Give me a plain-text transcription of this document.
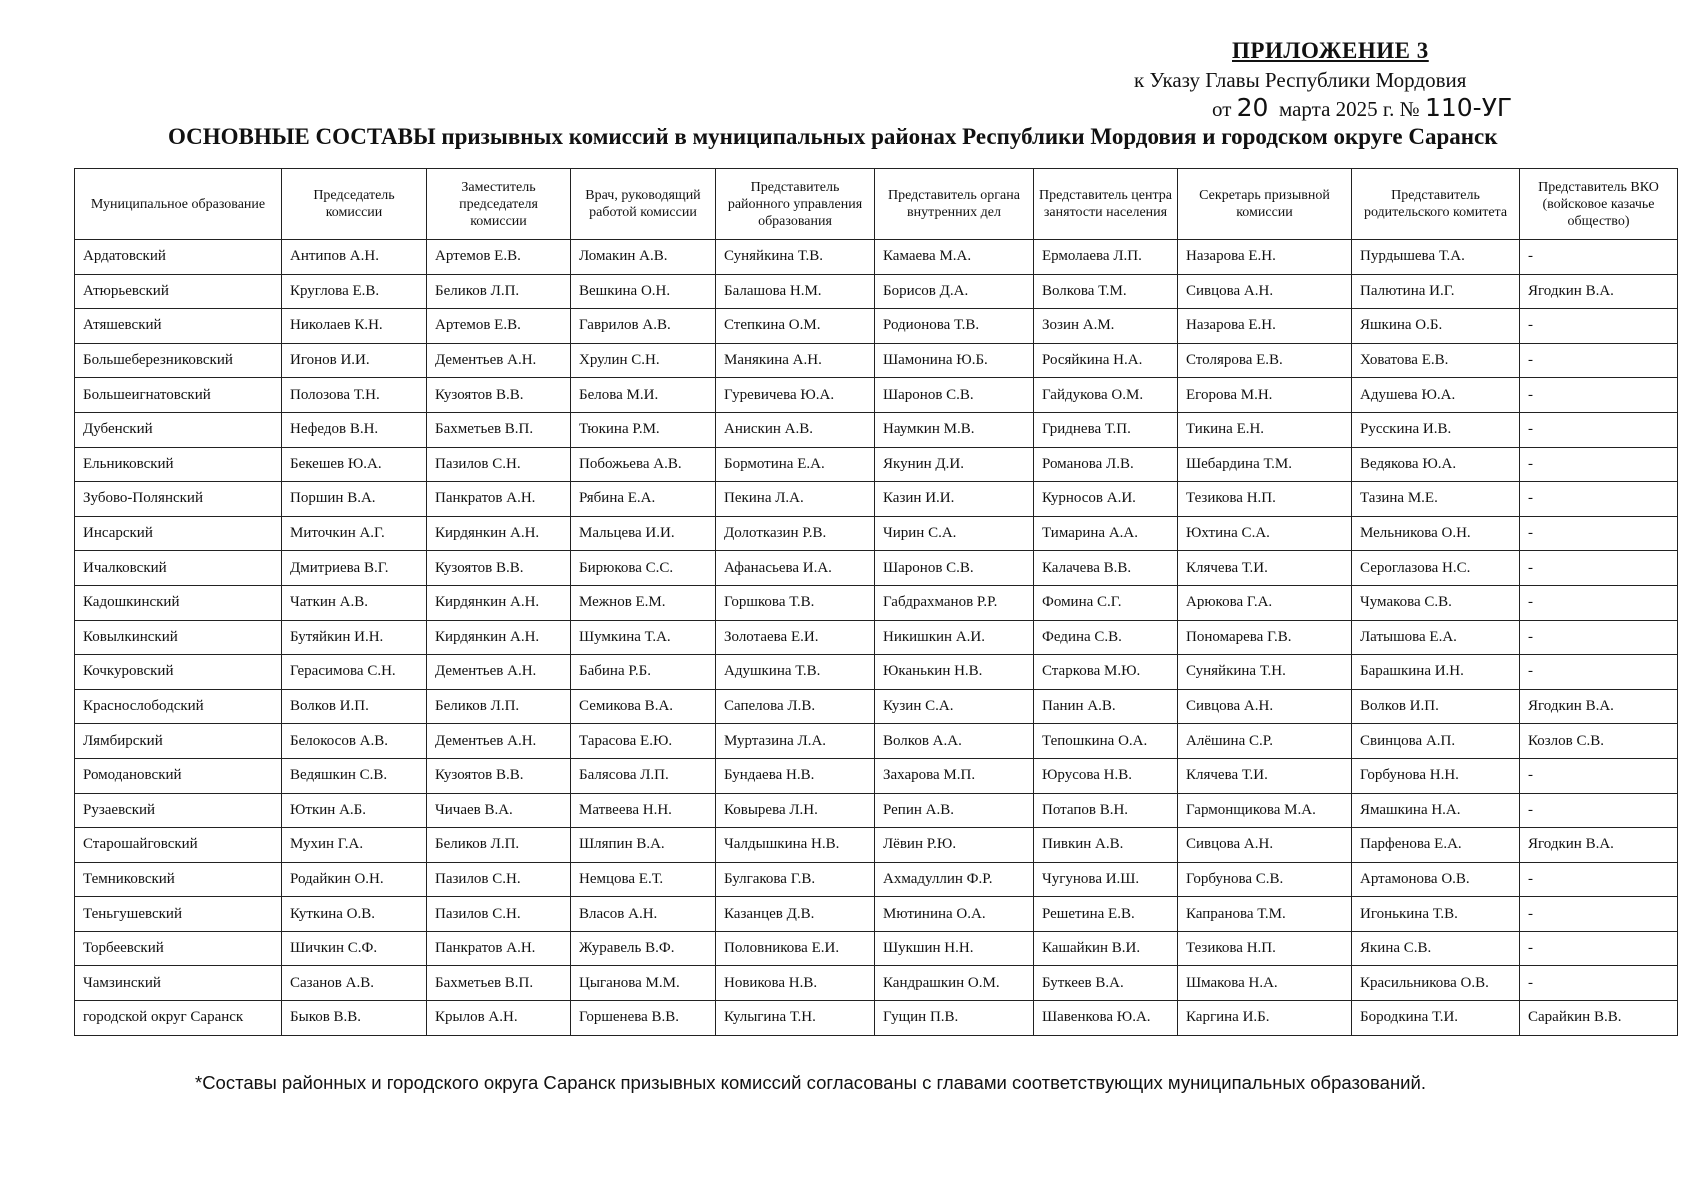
ПРИЛОЖЕНИЕ 3
к Указу Главы Республики Мордовия
от 20 марта 2025 г. № 110-УГ
ОСНОВНЫЕ СОСТАВЫ призывных комиссий в муниципальных районах Республики Мордовия и городском округе Саранск
Муниципальное образование	Председатель комиссии	Заместитель председателя комиссии	Врач, руководящий работой комиссии	Представитель районного управления образования	Представитель органа внутренних дел	Представитель центра занятости населения	Секретарь призывной комиссии	Представитель родительского комитета	Представитель ВКО (войсковое казачье общество)
Ардатовский	Антипов А.Н.	Артемов Е.В.	Ломакин А.В.	Суняйкина Т.В.	Камаева М.А.	Ермолаева Л.П.	Назарова Е.Н.	Пурдышева Т.А.	-
Атюрьевский	Круглова Е.В.	Беликов Л.П.	Вешкина О.Н.	Балашова Н.М.	Борисов Д.А.	Волкова Т.М.	Сивцова А.Н.	Палютина И.Г.	Ягодкин В.А.
Атяшевский	Николаев К.Н.	Артемов Е.В.	Гаврилов А.В.	Степкина О.М.	Родионова Т.В.	Зозин А.М.	Назарова Е.Н.	Яшкина О.Б.	-
Большеберезниковский	Игонов И.И.	Дементьев А.Н.	Хрулин С.Н.	Манякина А.Н.	Шамонина Ю.Б.	Росяйкина Н.А.	Столярова Е.В.	Ховатова Е.В.	-
Большеигнатовский	Полозова Т.Н.	Кузоятов В.В.	Белова М.И.	Гуревичева Ю.А.	Шаронов С.В.	Гайдукова О.М.	Егорова М.Н.	Адушева Ю.А.	-
Дубенский	Нефедов В.Н.	Бахметьев В.П.	Тюкина Р.М.	Анискин А.В.	Наумкин М.В.	Гриднева Т.П.	Тикина Е.Н.	Русскина И.В.	-
Ельниковский	Бекешев Ю.А.	Пазилов С.Н.	Побожьева А.В.	Бормотина Е.А.	Якунин Д.И.	Романова Л.В.	Шебардина Т.М.	Ведякова Ю.А.	-
Зубово-Полянский	Поршин В.А.	Панкратов А.Н.	Рябина Е.А.	Пекина Л.А.	Казин И.И.	Курносов А.И.	Тезикова Н.П.	Тазина М.Е.	-
Инсарский	Миточкин А.Г.	Кирдянкин А.Н.	Мальцева И.И.	Долотказин Р.В.	Чирин С.А.	Тимарина А.А.	Юхтина С.А.	Мельникова О.Н.	-
Ичалковский	Дмитриева В.Г.	Кузоятов В.В.	Бирюкова С.С.	Афанасьева И.А.	Шаронов С.В.	Калачева В.В.	Клячева Т.И.	Сероглазова Н.С.	-
Кадошкинский	Чаткин А.В.	Кирдянкин А.Н.	Межнов Е.М.	Горшкова Т.В.	Габдрахманов Р.Р.	Фомина С.Г.	Арюкова Г.А.	Чумакова С.В.	-
Ковылкинский	Бутяйкин И.Н.	Кирдянкин А.Н.	Шумкина Т.А.	Золотаева Е.И.	Никишкин А.И.	Федина С.В.	Пономарева Г.В.	Латышова Е.А.	-
Кочкуровский	Герасимова С.Н.	Дементьев А.Н.	Бабина Р.Б.	Адушкина Т.В.	Юканькин Н.В.	Старкова М.Ю.	Суняйкина Т.Н.	Барашкина И.Н.	-
Краснослободский	Волков И.П.	Беликов Л.П.	Семикова В.А.	Сапелова Л.В.	Кузин С.А.	Панин А.В.	Сивцова А.Н.	Волков И.П.	Ягодкин В.А.
Лямбирский	Белокосов А.В.	Дементьев А.Н.	Тарасова Е.Ю.	Муртазина Л.А.	Волков А.А.	Тепошкина О.А.	Алёшина С.Р.	Свинцова А.П.	Козлов С.В.
Ромодановский	Ведяшкин С.В.	Кузоятов В.В.	Балясова Л.П.	Бундаева Н.В.	Захарова М.П.	Юрусова Н.В.	Клячева Т.И.	Горбунова Н.Н.	-
Рузаевский	Юткин А.Б.	Чичаев В.А.	Матвеева Н.Н.	Ковырева Л.Н.	Репин А.В.	Потапов В.Н.	Гармонщикова М.А.	Ямашкина Н.А.	-
Старошайговский	Мухин Г.А.	Беликов Л.П.	Шляпин В.А.	Чалдышкина Н.В.	Лёвин Р.Ю.	Пивкин А.В.	Сивцова А.Н.	Парфенова Е.А.	Ягодкин В.А.
Темниковский	Родайкин О.Н.	Пазилов С.Н.	Немцова Е.Т.	Булгакова Г.В.	Ахмадуллин Ф.Р.	Чугунова И.Ш.	Горбунова С.В.	Артамонова О.В.	-
Теньгушевский	Куткина О.В.	Пазилов С.Н.	Власов А.Н.	Казанцев Д.В.	Мютинина О.А.	Решетина Е.В.	Капранова Т.М.	Игонькина Т.В.	-
Торбеевский	Шичкин С.Ф.	Панкратов А.Н.	Журавель В.Ф.	Половникова Е.И.	Шукшин Н.Н.	Кашайкин В.И.	Тезикова Н.П.	Якина С.В.	-
Чамзинский	Сазанов А.В.	Бахметьев В.П.	Цыганова М.М.	Новикова Н.В.	Кандрашкин О.М.	Буткеев В.А.	Шмакова Н.А.	Красильникова О.В.	-
городской округ Саранск	Быков В.В.	Крылов А.Н.	Горшенева В.В.	Кулыгина Т.Н.	Гущин П.В.	Шавенкова Ю.А.	Каргина И.Б.	Бородкина Т.И.	Сарайкин В.В.
*Составы районных и городского округа Саранск призывных комиссий согласованы с главами соответствующих муниципальных образований.
